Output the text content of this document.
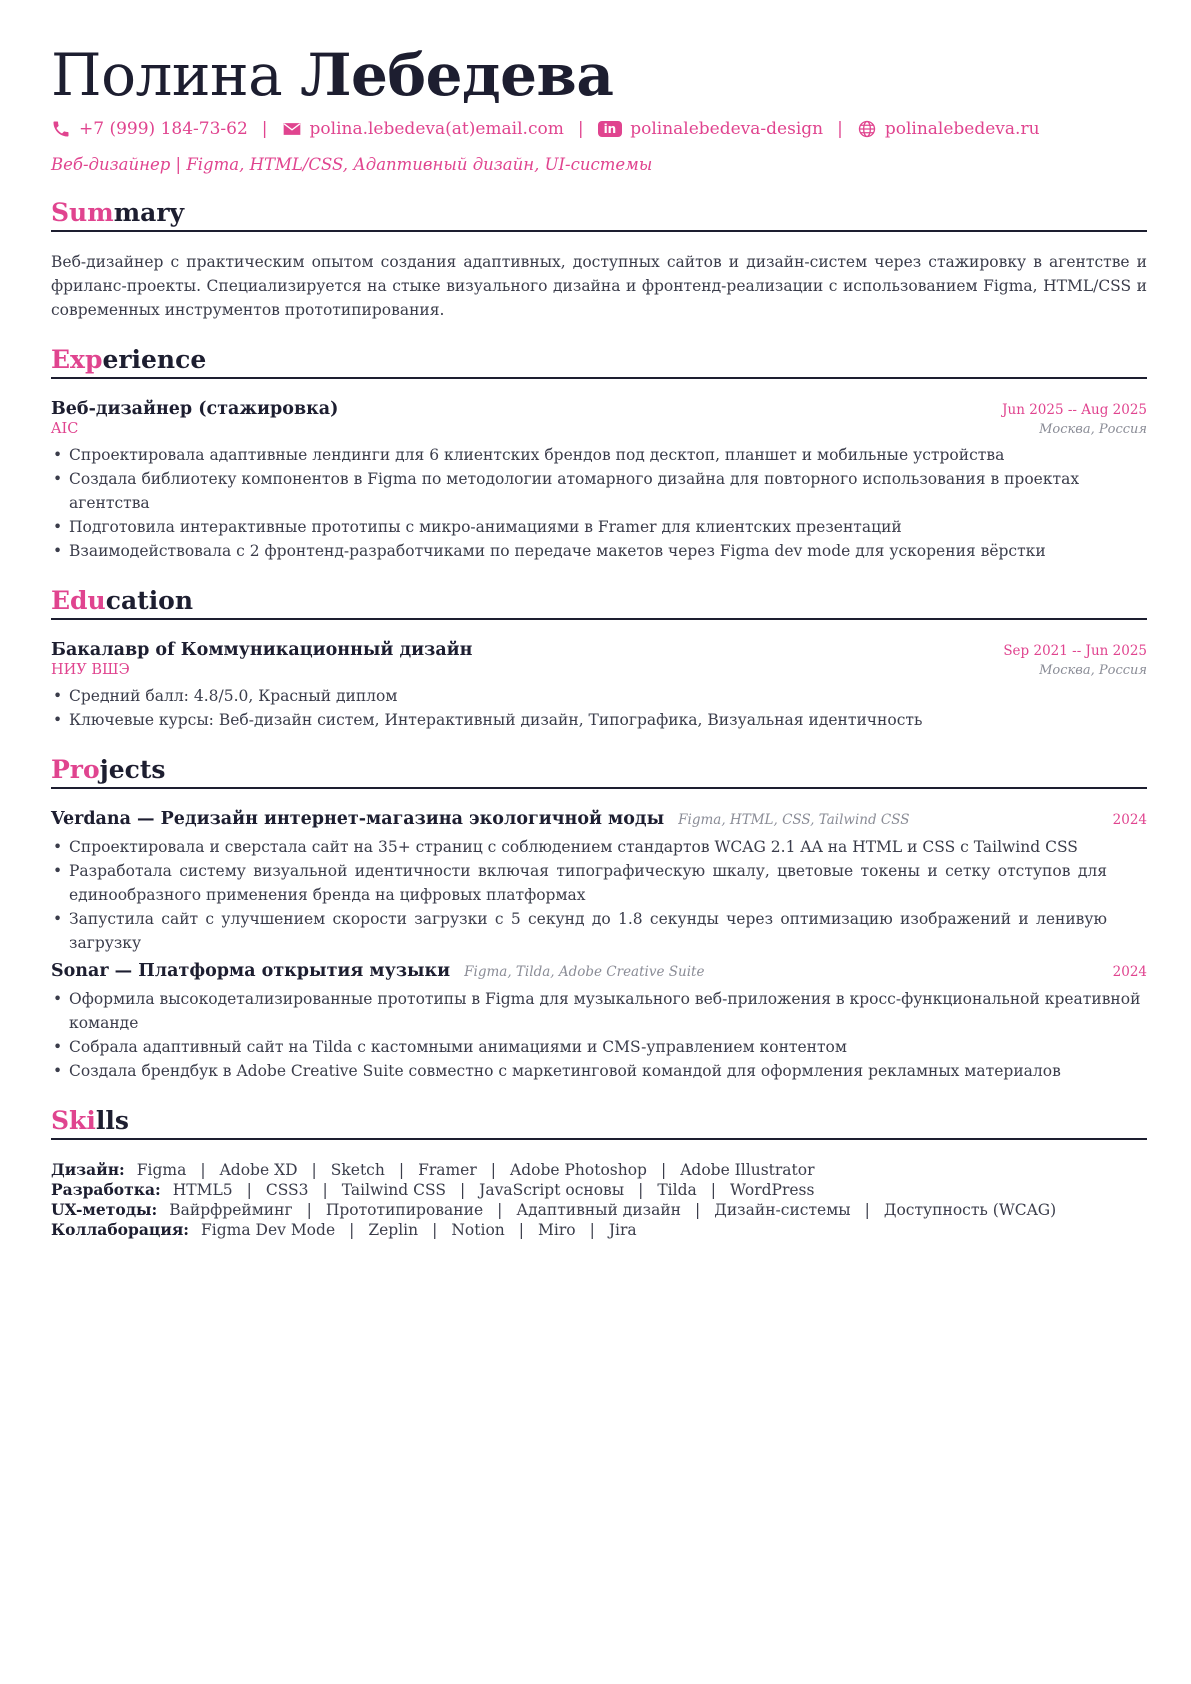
Полина Лебедева
+7 (999) 184-73-62 | polina.lebedeva(at)email.com |	in polinalebedeva-design | polinalebedeva.ru
Веб-дизайнер | Figma, HTML/CSS, Адаптивный дизайн, UI-системы
Summary
Веб-дизайнер с практическим опытом создания адаптивных, доступных сайтов и дизайн-систем через стажировку в агентстве и фриланс-проекты. Специализируется на стыке визуального дизайна и фронтенд-реализации с использованием Figma, HTML/CSS и современных инструментов прототипирования.
Experience
Веб-дизайнер (стажировка)	Jun 2025 -- Aug 2025
AIC	Москва, Россия
• Спроектировала адаптивные лендинги для 6 клиентских брендов под десктоп, планшет и мобильные устройства
• Создала библиотеку компонентов в Figma по методологии атомарного дизайна для повторного использования в проектах агентства
• Подготовила интерактивные прототипы с микро-анимациями в Framer для клиентских презентаций
• Взаимодействовала с 2 фронтенд-разработчиками по передаче макетов через Figma dev mode для ускорения вёрстки
Education
Бакалавр of Коммуникационный дизайн	Sep 2021 -- Jun 2025
НИУ ВШЭ	Москва, Россия
• Средний балл: 4.8/5.0, Красный диплом
• Ключевые курсы: Веб-дизайн систем, Интерактивный дизайн, Типографика, Визуальная идентичность
Projects
Verdana — Редизайн интернет-магазина экологичной моды Figma, HTML, CSS, Tailwind CSS	2024
• Спроектировала и сверстала сайт на 35+ страниц с соблюдением стандартов WCAG 2.1 AA на HTML и CSS с Tailwind CSS
• Разработала систему визуальной идентичности включая типографическую шкалу, цветовые токены и сетку отступов для единообразного применения бренда на цифровых платформах
• Запустила сайт с улучшением скорости загрузки с 5 секунд до 1.8 секунды через оптимизацию изображений и ленивую загрузку
Sonar — Платформа открытия музыки Figma, Tilda, Adobe Creative Suite	2024
• Оформила высокодетализированные прототипы в Figma для музыкального веб-приложения в кросс-функциональной креативной команде
• Собрала адаптивный сайт на Tilda с кастомными анимациями и CMS-управлением контентом
• Создала брендбук в Adobe Creative Suite совместно с маркетинговой командой для оформления рекламных материалов
Skills
Дизайн: Figma | Adobe XD | Sketch | Framer | Adobe Photoshop | Adobe Illustrator
Разработка: HTML5 | CSS3 | Tailwind CSS | JavaScript основы | Tilda | WordPress
UX-методы: Вайрфрейминг | Прототипирование | Адаптивный дизайн | Дизайн-системы | Доступность (WCAG)
Коллаборация: Figma Dev Mode | Zeplin | Notion | Miro | Jira
